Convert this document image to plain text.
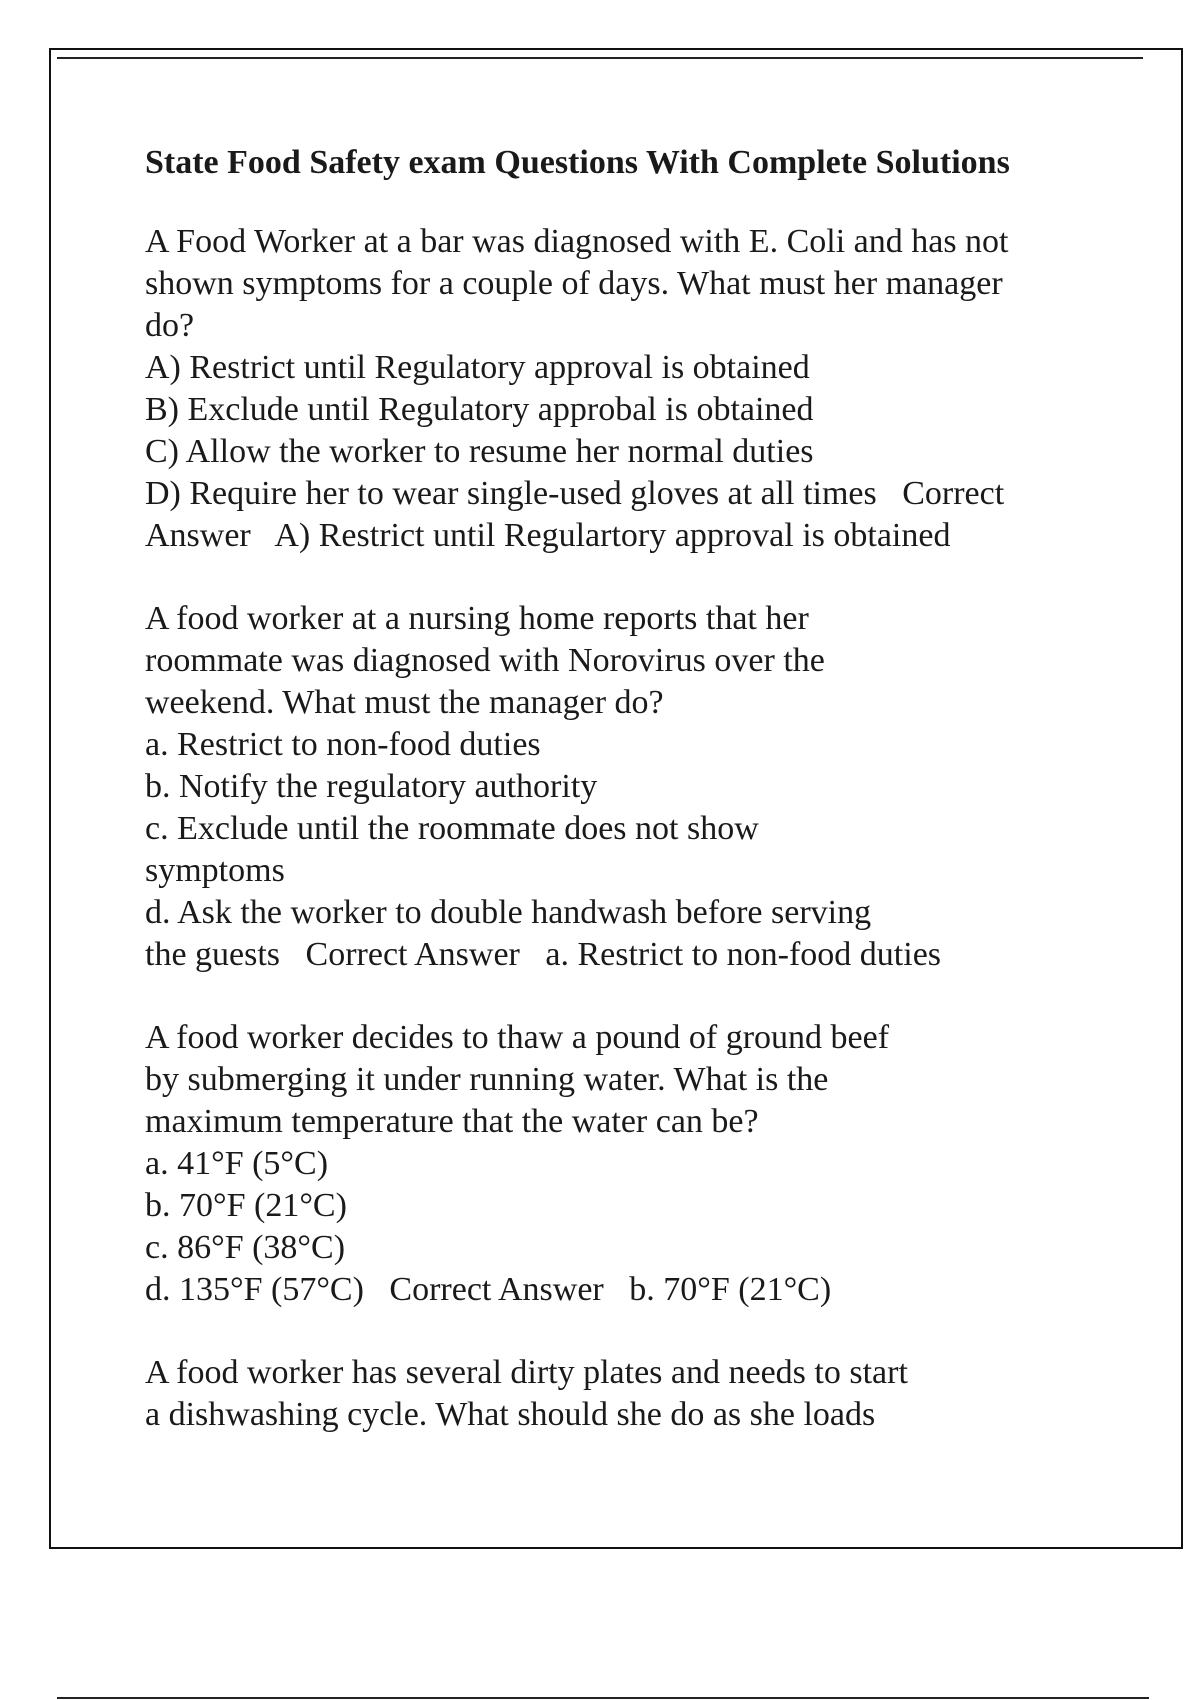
State Food Safety exam Questions With Complete Solutions
A Food Worker at a bar was diagnosed with E. Coli and has not
shown symptoms for a couple of days. What must her manager
do?
A) Restrict until Regulatory approval is obtained
B) Exclude until Regulatory approbal is obtained
C) Allow the worker to resume her normal duties
D) Require her to wear single-used gloves at all times   Correct
Answer   A) Restrict until Regulartory approval is obtained
A food worker at a nursing home reports that her
roommate was diagnosed with Norovirus over the
weekend. What must the manager do?
a. Restrict to non-food duties
b. Notify the regulatory authority
c. Exclude until the roommate does not show
symptoms
d. Ask the worker to double handwash before serving
the guests   Correct Answer   a. Restrict to non-food duties
A food worker decides to thaw a pound of ground beef
by submerging it under running water. What is the
maximum temperature that the water can be?
a. 41°F (5°C)
b. 70°F (21°C)
c. 86°F (38°C)
d. 135°F (57°C)   Correct Answer   b. 70°F (21°C)
A food worker has several dirty plates and needs to start
a dishwashing cycle. What should she do as she loads
